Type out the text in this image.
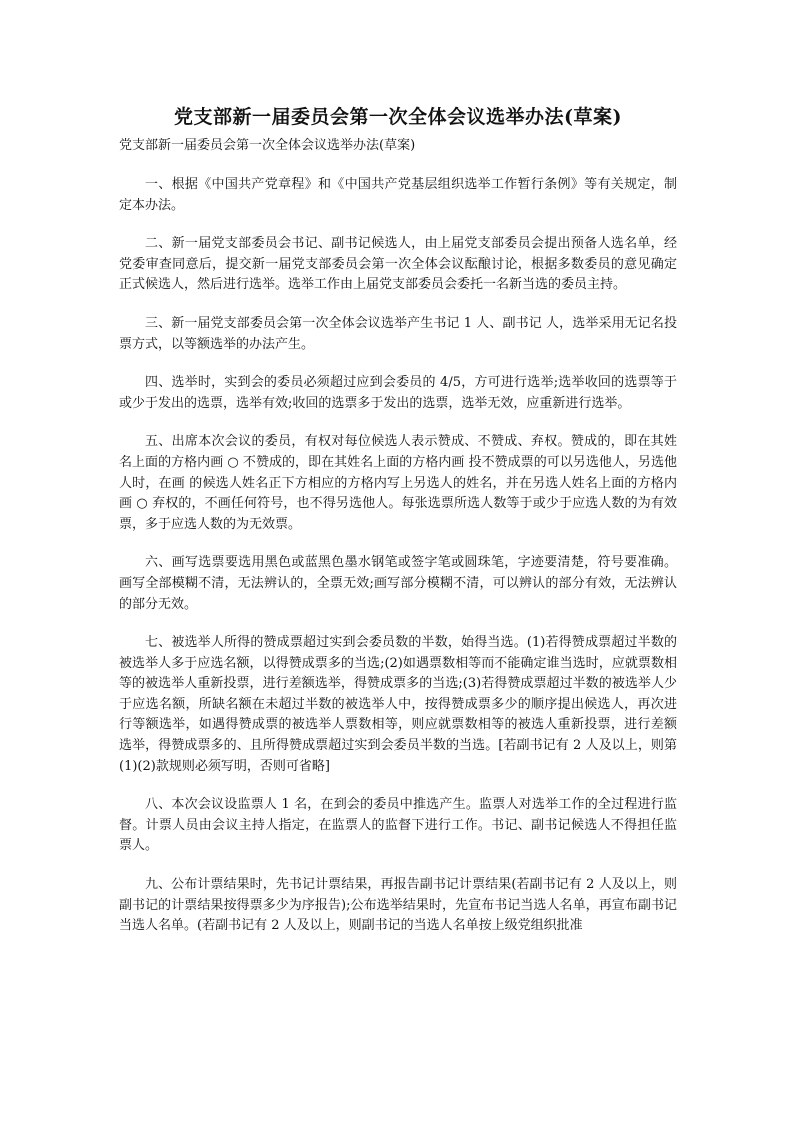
党支部新一届委员会第一次全体会议选举办法(草案)
党支部新一届委员会第一次全体会议选举办法(草案)

一、根据《中国共产党章程》和《中国共产党基层组织选举工作暂行条例》等有关规定，制定本办法。

二、新一届党支部委员会书记、副书记候选人，由上届党支部委员会提出预备人选名单，经 党委审查同意后，提交新一届党支部委员会第一次全体会议酝酿讨论，根据多数委员的意见确定正式候选人，然后进行选举。选举工作由上届党支部委员会委托一名新当选的委员主持。

三、新一届党支部委员会第一次全体会议选举产生书记 1 人、副书记 人，选举采用无记名投票方式，以等额选举的办法产生。

四、选举时，实到会的委员必须超过应到会委员的 4/5，方可进行选举;选举收回的选票等于或少于发出的选票，选举有效;收回的选票多于发出的选票，选举无效，应重新进行选举。

五、出席本次会议的委员，有权对每位候选人表示赞成、不赞成、弃权。赞成的，即在其姓名上面的方格内画 ○ 不赞成的，即在其姓名上面的方格内画 投不赞成票的可以另选他人，另选他人时，在画 的候选人姓名正下方相应的方格内写上另选人的姓名，并在另选人姓名上面的方格内画 ○ 弃权的，不画任何符号，也不得另选他人。每张选票所选人数等于或少于应选人数的为有效票，多于应选人数的为无效票。

六、画写选票要选用黑色或蓝黑色墨水钢笔或签字笔或圆珠笔，字迹要清楚，符号要准确。画写全部模糊不清，无法辨认的，全票无效;画写部分模糊不清，可以辨认的部分有效，无法辨认的部分无效。

七、被选举人所得的赞成票超过实到会委员数的半数，始得当选。(1)若得赞成票超过半数的被选举人多于应选名额，以得赞成票多的当选;(2)如遇票数相等而不能确定谁当选时，应就票数相等的被选举人重新投票，进行差额选举，得赞成票多的当选;(3)若得赞成票超过半数的被选举人少于应选名额，所缺名额在未超过半数的被选举人中，按得赞成票多少的顺序提出候选人，再次进行等额选举，如遇得赞成票的被选举人票数相等，则应就票数相等的被选人重新投票，进行差额选举，得赞成票多的、且所得赞成票超过实到会委员半数的当选。[若副书记有 2 人及以上，则第(1)(2)款规则必须写明，否则可省略]

八、本次会议设监票人 1 名，在到会的委员中推选产生。监票人对选举工作的全过程进行监督。计票人员由会议主持人指定，在监票人的监督下进行工作。书记、副书记候选人不得担任监票人。

九、公布计票结果时，先书记计票结果，再报告副书记计票结果(若副书记有 2 人及以上，则副书记的计票结果按得票多少为序报告);公布选举结果时，先宣布书记当选人名单，再宣布副书记当选人名单。(若副书记有 2 人及以上，则副书记的当选人名单按上级党组织批准
